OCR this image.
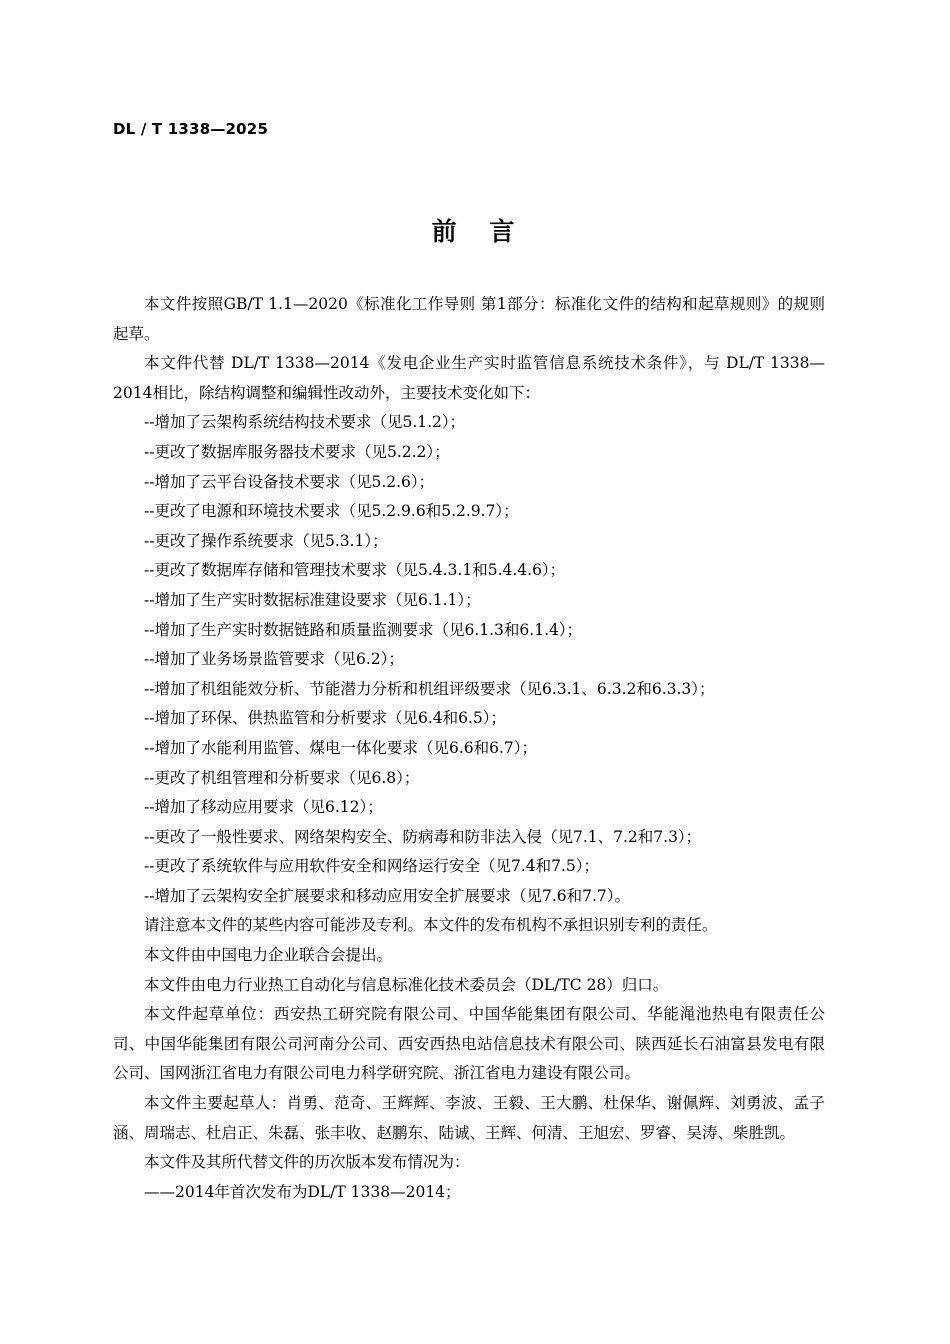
DL / T 1338—2025
前 言

本文件按照GB/T 1.1—2020《标准化工作导则 第1部分：标准化文件的结构和起草规则》的规则起草。

本文件代替 DL/T 1338—2014《发电企业生产实时监管信息系统技术条件》，与 DL/T 1338—2014相比，除结构调整和编辑性改动外，主要技术变化如下：

--增加了云架构系统结构技术要求（见5.1.2）；

--更改了数据库服务器技术要求（见5.2.2）；

--增加了云平台设备技术要求（见5.2.6）；

--更改了电源和环境技术要求（见5.2.9.6和5.2.9.7）；

--更改了操作系统要求（见5.3.1）；

--更改了数据库存储和管理技术要求（见5.4.3.1和5.4.4.6）；

--增加了生产实时数据标准建设要求（见6.1.1）；

--增加了生产实时数据链路和质量监测要求（见6.1.3和6.1.4）；

--增加了业务场景监管要求（见6.2）；

--增加了机组能效分析、节能潜力分析和机组评级要求（见6.3.1、6.3.2和6.3.3）；

--增加了环保、供热监管和分析要求（见6.4和6.5）；

--增加了水能利用监管、煤电一体化要求（见6.6和6.7）；

--更改了机组管理和分析要求（见6.8）；

--增加了移动应用要求（见6.12）；

--更改了一般性要求、网络架构安全、防病毒和防非法入侵（见7.1、7.2和7.3）；

--更改了系统软件与应用软件安全和网络运行安全（见7.4和7.5）；

--增加了云架构安全扩展要求和移动应用安全扩展要求（见7.6和7.7）。

请注意本文件的某些内容可能涉及专利。本文件的发布机构不承担识别专利的责任。

本文件由中国电力企业联合会提出。

本文件由电力行业热工自动化与信息标准化技术委员会（DL/TC 28）归口。

本文件起草单位：西安热工研究院有限公司、中国华能集团有限公司、华能渑池热电有限责任公司、中国华能集团有限公司河南分公司、西安西热电站信息技术有限公司、陕西延长石油富县发电有限公司、国网浙江省电力有限公司电力科学研究院、浙江省电力建设有限公司。

本文件主要起草人：肖勇、范奇、王辉辉、李波、王毅、王大鹏、杜保华、谢佩辉、刘勇波、孟子涵、周瑞志、杜启正、朱磊、张丰收、赵鹏东、陆诚、王辉、何清、王旭宏、罗睿、吴涛、柴胜凯。

本文件及其所代替文件的历次版本发布情况为：

——2014年首次发布为DL/T 1338—2014；
